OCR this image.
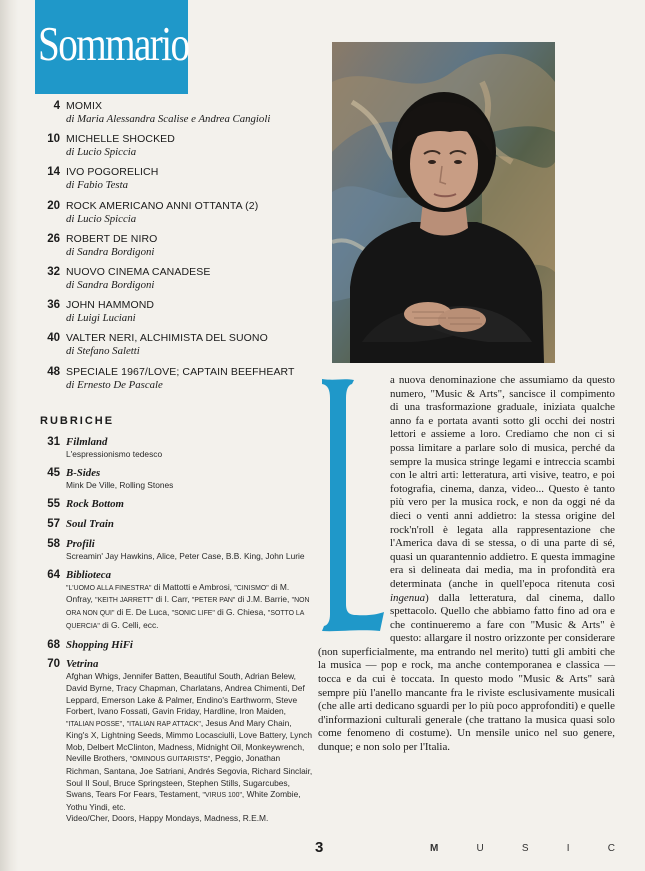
Sommario
4 MOMIX
di Maria Alessandra Scalise e Andrea Cangioli
10 MICHELLE SHOCKED
di Lucio Spiccia
14 IVO POGORELICH
di Fabio Testa
20 ROCK AMERICANO ANNI OTTANTA (2)
di Lucio Spiccia
26 ROBERT DE NIRO
di Sandra Bordigoni
32 NUOVO CINEMA CANADESE
di Sandra Bordigoni
36 JOHN HAMMOND
di Luigi Luciani
40 VALTER NERI, ALCHIMISTA DEL SUONO
di Stefano Saletti
48 SPECIALE 1967/LOVE; CAPTAIN BEEFHEART
di Ernesto De Pascale
RUBRICHE
31 Filmland
L'espressionismo tedesco
45 B-Sides
Mink De Ville, Rolling Stones
55 Rock Bottom
57 Soul Train
58 Profili
Screamin' Jay Hawkins, Alice, Peter Case, B.B. King, John Lurie
64 Biblioteca
"L'UOMO ALLA FINESTRA" di Mattotti e Ambrosi, "CINISMO" di M. Onfray, "KEITH JARRETT" di I. Carr, "PETER PAN" di J.M. Barrie, "NON ORA NON QUI" di E. De Luca, "SONIC LIFE" di G. Chiesa, "SOTTO LA QUERCIA" di G. Celli, ecc.
68 Shopping HiFi
70 Vetrina
Afghan Whigs, Jennifer Batten, Beautiful South, Adrian Belew, David Byrne, Tracy Chapman, Charlatans, Andrea Chimenti, Def Leppard, Emerson Lake & Palmer, Endino's Earthworm, Steve Forbert, Ivano Fossati, Gavin Friday, Hardline, Iron Maiden, "ITALIAN POSSE", "ITALIAN RAP ATTACK", Jesus And Mary Chain, King's X, Lightning Seeds, Mimmo Locasciulli, Love Battery, Lynch Mob, Delbert McClinton, Madness, Midnight Oil, Monkeywrench, Neville Brothers, "OMINOUS GUITARISTS", Peggio, Jonathan Richman, Santana, Joe Satriani, Andrés Segovia, Richard Sinclair, Soul II Soul, Bruce Springsteen, Stephen Stills, Sugarcubes, Swans, Tears For Fears, Testament, "VIRUS 100", White Zombie, Yothu Yindi, etc.
Video/Cher, Doors, Happy Mondays, Madness, R.E.M.
a nuova denominazione che assumiamo da questo numero, "Music & Arts", sancisce il compimento di una trasformazione graduale, iniziata qualche anno fa e portata avanti sotto gli occhi dei nostri lettori e assieme a loro. Crediamo che non ci si possa limitare a parlare solo di musica, perché da sempre la musica stringe legami e intreccia scambi con le altri arti: letteratura, arti visive, teatro, e poi fotografia, cinema, danza, video... Questo è tanto più vero per la musica rock, e non da oggi né da dieci o venti anni addietro: la stessa origine del rock'n'roll è legata alla rappresentazione che l'America dava di se stessa, o di una parte di sé, quasi un quarantennio addietro. E questa immagine era sì delineata dai media, ma in profondità era determinata (anche in quell'epoca ritenuta così ingenua) dalla letteratura, dal cinema, dallo spettacolo. Quello che abbiamo fatto fino ad ora e che continueremo a fare con "Music & Arts" è questo: allargare il nostro orizzonte per considerare (non superficialmente, ma entrando nel merito) tutti gli ambiti che la musica — pop e rock, ma anche contemporanea e classica — tocca e da cui è toccata. In questo modo "Music & Arts" sarà sempre più l'anello mancante fra le riviste esclusivamente musicali (che alle arti dedicano sguardi per lo più poco approfonditi) e quelle d'informazioni culturali generale (che trattano la musica quasi solo come fenomeno di costume). Un mensile unico nel suo genere, dunque; e non solo per l'Italia.
3	M	U	S	I	C
